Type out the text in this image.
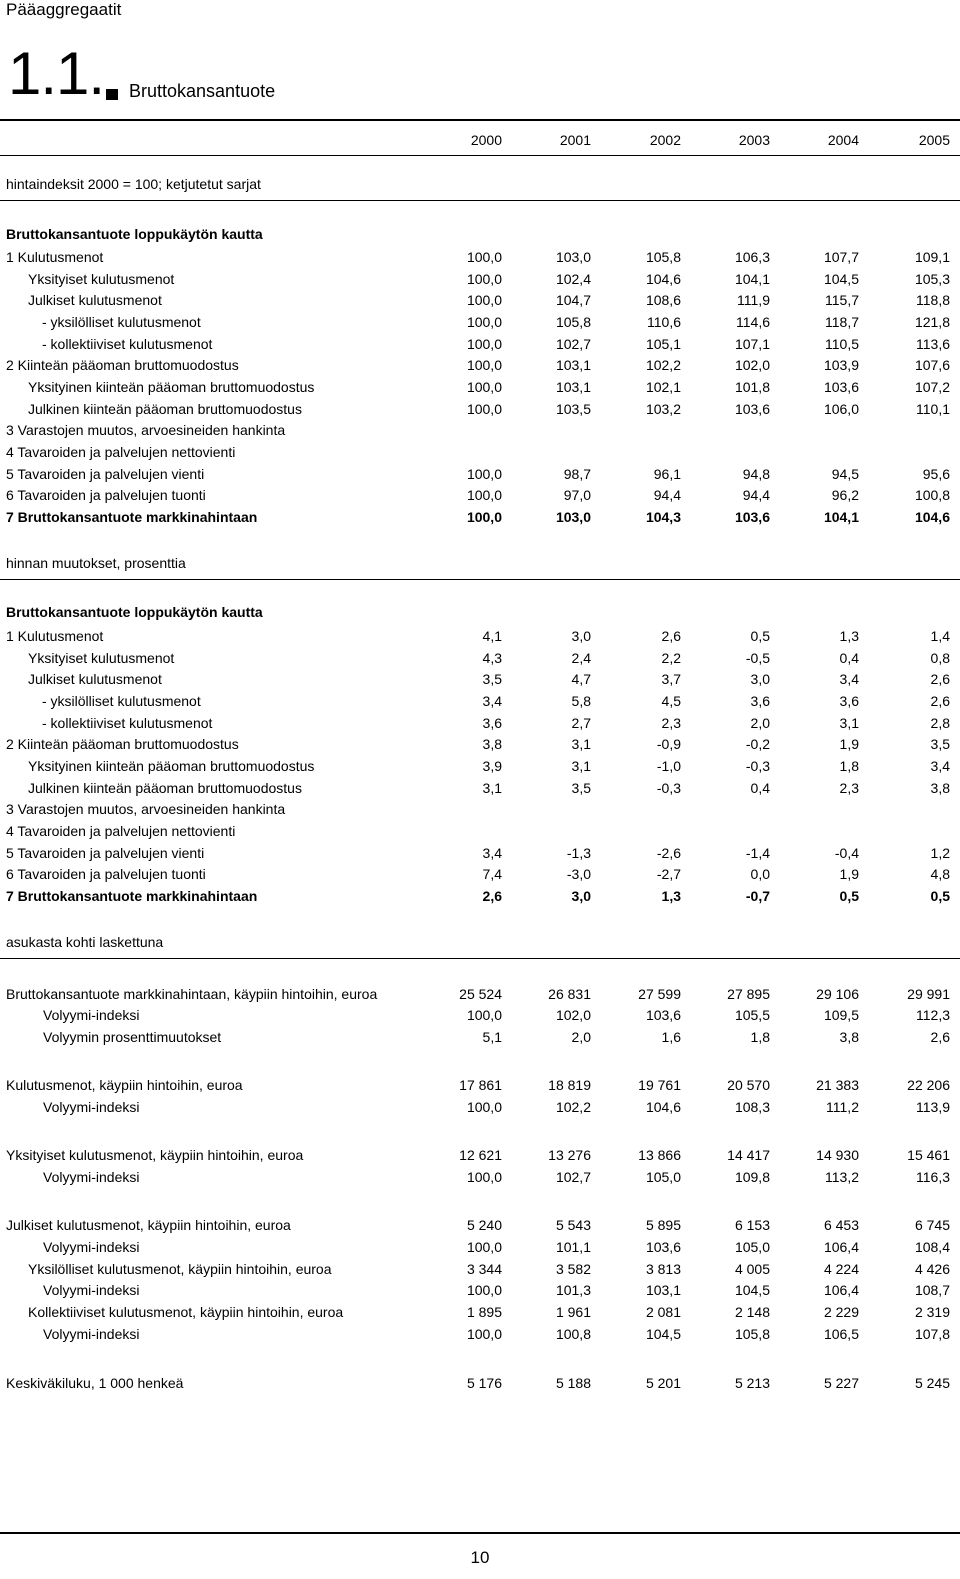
Pääaggregaatit
1.1. Bruttokansantuote
2000	2001	2002	2003	2004	2005
hintaindeksit 2000 = 100; ketjutetut sarjat
Bruttokansantuote loppukäytön kautta
1 Kulutusmenot	100,0	103,0	105,8	106,3	107,7	109,1
Yksityiset kulutusmenot	100,0	102,4	104,6	104,1	104,5	105,3
Julkiset kulutusmenot	100,0	104,7	108,6	111,9	115,7	118,8
- yksilölliset kulutusmenot	100,0	105,8	110,6	114,6	118,7	121,8
- kollektiiviset kulutusmenot	100,0	102,7	105,1	107,1	110,5	113,6
2 Kiinteän pääoman bruttomuodostus	100,0	103,1	102,2	102,0	103,9	107,6
Yksityinen kiinteän pääoman bruttomuodostus	100,0	103,1	102,1	101,8	103,6	107,2
Julkinen kiinteän pääoman bruttomuodostus	100,0	103,5	103,2	103,6	106,0	110,1
3 Varastojen muutos, arvoesineiden hankinta
4 Tavaroiden ja palvelujen nettovienti
5 Tavaroiden ja palvelujen vienti	100,0	98,7	96,1	94,8	94,5	95,6
6 Tavaroiden ja palvelujen tuonti	100,0	97,0	94,4	94,4	96,2	100,8
7 Bruttokansantuote markkinahintaan	100,0	103,0	104,3	103,6	104,1	104,6
hinnan muutokset, prosenttia
Bruttokansantuote loppukäytön kautta
1 Kulutusmenot	4,1	3,0	2,6	0,5	1,3	1,4
Yksityiset kulutusmenot	4,3	2,4	2,2	-0,5	0,4	0,8
Julkiset kulutusmenot	3,5	4,7	3,7	3,0	3,4	2,6
- yksilölliset kulutusmenot	3,4	5,8	4,5	3,6	3,6	2,6
- kollektiiviset kulutusmenot	3,6	2,7	2,3	2,0	3,1	2,8
2 Kiinteän pääoman bruttomuodostus	3,8	3,1	-0,9	-0,2	1,9	3,5
Yksityinen kiinteän pääoman bruttomuodostus	3,9	3,1	-1,0	-0,3	1,8	3,4
Julkinen kiinteän pääoman bruttomuodostus	3,1	3,5	-0,3	0,4	2,3	3,8
3 Varastojen muutos, arvoesineiden hankinta
4 Tavaroiden ja palvelujen nettovienti
5 Tavaroiden ja palvelujen vienti	3,4	-1,3	-2,6	-1,4	-0,4	1,2
6 Tavaroiden ja palvelujen tuonti	7,4	-3,0	-2,7	0,0	1,9	4,8
7 Bruttokansantuote markkinahintaan	2,6	3,0	1,3	-0,7	0,5	0,5
asukasta kohti laskettuna
Bruttokansantuote markkinahintaan, käypiin hintoihin, euroa	25 524	26 831	27 599	27 895	29 106	29 991
Volyymi-indeksi	100,0	102,0	103,6	105,5	109,5	112,3
Volyymin prosenttimuutokset	5,1	2,0	1,6	1,8	3,8	2,6
Kulutusmenot, käypiin hintoihin, euroa	17 861	18 819	19 761	20 570	21 383	22 206
Volyymi-indeksi	100,0	102,2	104,6	108,3	111,2	113,9
Yksityiset kulutusmenot, käypiin hintoihin, euroa	12 621	13 276	13 866	14 417	14 930	15 461
Volyymi-indeksi	100,0	102,7	105,0	109,8	113,2	116,3
Julkiset kulutusmenot, käypiin hintoihin, euroa	5 240	5 543	5 895	6 153	6 453	6 745
Volyymi-indeksi	100,0	101,1	103,6	105,0	106,4	108,4
Yksilölliset kulutusmenot, käypiin hintoihin, euroa	3 344	3 582	3 813	4 005	4 224	4 426
Volyymi-indeksi	100,0	101,3	103,1	104,5	106,4	108,7
Kollektiiviset kulutusmenot, käypiin hintoihin, euroa	1 895	1 961	2 081	2 148	2 229	2 319
Volyymi-indeksi	100,0	100,8	104,5	105,8	106,5	107,8
Keskiväkiluku, 1 000 henkeä	5 176	5 188	5 201	5 213	5 227	5 245
10
